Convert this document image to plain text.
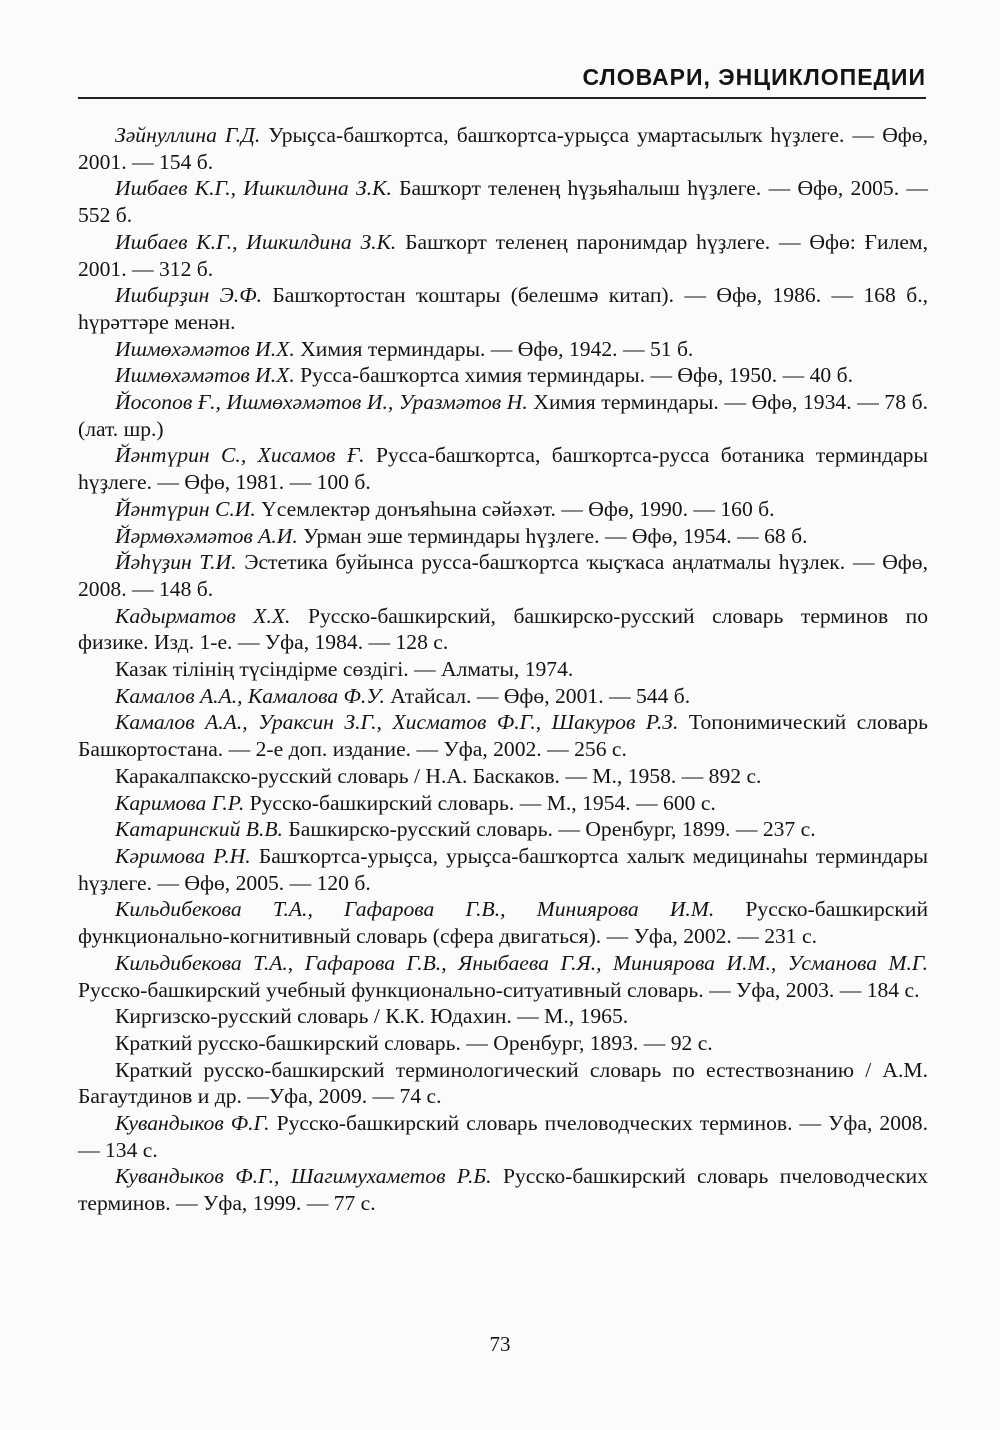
СЛОВАРИ, ЭНЦИКЛОПЕДИИ

Зәйнуллина Г.Д. Урыҫса-башҡортса, башҡортса-урыҫса умартасылыҡ һүҙлеге. — Өфө, 2001. — 154 б.

Ишбаев К.Г., Ишкилдина З.К. Башҡорт теленең һүҙьяһалыш һүҙлеге. — Өфө, 2005. — 552 б.

Ишбаев К.Г., Ишкилдина З.К. Башҡорт теленең паронимдар һүҙлеге. — Өфө: Ғилем, 2001. — 312 б.

Ишбирҙин Э.Ф. Башҡортостан ҡоштары (белешмә китап). — Өфө, 1986. — 168 б., һүрәттәре менән.

Ишмөхәмәтов И.Х. Химия терминдары. — Өфө, 1942. — 51 б.

Ишмөхәмәтов И.Х. Русса-башҡортса химия терминдары. — Өфө, 1950. — 40 б.

Йосопов Ғ., Ишмөхәмәтов И., Уразмәтов Н. Химия терминдары. — Өфө, 1934. — 78 б. (лат. шр.)

Йәнтүрин С., Хисамов Ғ. Русса-башҡортса, башҡортса-русса ботаника терминдары һүҙлеге. — Өфө, 1981. — 100 б.

Йәнтүрин С.И. Үсемлектәр донъяһына сәйәхәт. — Өфө, 1990. — 160 б.

Йәрмөхәмәтов А.И. Урман эше терминдары һүҙлеге. — Өфө, 1954. — 68 б.

Йәһүҙин Т.И. Эстетика буйынса русса-башҡортса ҡыҫҡаса аңлатмалы һүҙлек. — Өфө, 2008. — 148 б.

Кадырматов Х.Х. Русско-башкирский, башкирско-русский словарь терминов по физике. Изд. 1-е. — Уфа, 1984. — 128 с.

Казак тілінің түсіндірме сөздігі. — Алматы, 1974.

Камалов А.А., Камалова Ф.У. Атайсал. — Өфө, 2001. — 544 б.

Камалов А.А., Ураксин З.Г., Хисматов Ф.Г., Шакуров Р.З. Топонимический словарь Башкортостана. — 2-е доп. издание. — Уфа, 2002. — 256 с.

Каракалпакско-русский словарь / Н.А. Баскаков. — М., 1958. — 892 с.

Каримова Г.Р. Русско-башкирский словарь. — М., 1954. — 600 с.

Катаринский В.В. Башкирско-русский словарь. — Оренбург, 1899. — 237 с.

Кәримова Р.Н. Башҡортса-урыҫса, урыҫса-башҡортса халыҡ медицинаһы терминдары һүҙлеге. — Өфө, 2005. — 120 б.

Кильдибекова Т.А., Гафарова Г.В., Миниярова И.М. Русско-башкирский функционально-когнитивный словарь (сфера двигаться). — Уфа, 2002. — 231 с.

Кильдибекова Т.А., Гафарова Г.В., Яныбаева Г.Я., Миниярова И.М., Усманова М.Г. Русско-башкирский учебный функционально-ситуативный словарь. — Уфа, 2003. — 184 с.

Киргизско-русский словарь / К.К. Юдахин. — М., 1965.

Краткий русско-башкирский словарь. — Оренбург, 1893. — 92 с.

Краткий русско-башкирский терминологический словарь по естествознанию / А.М. Багаутдинов и др. —Уфа, 2009. — 74 с.

Кувандыков Ф.Г. Русско-башкирский словарь пчеловодческих терминов. — Уфа, 2008. — 134 с.

Кувандыков Ф.Г., Шагимухаметов Р.Б. Русско-башкирский словарь пчеловодческих терминов. — Уфа, 1999. — 77 с.

73
